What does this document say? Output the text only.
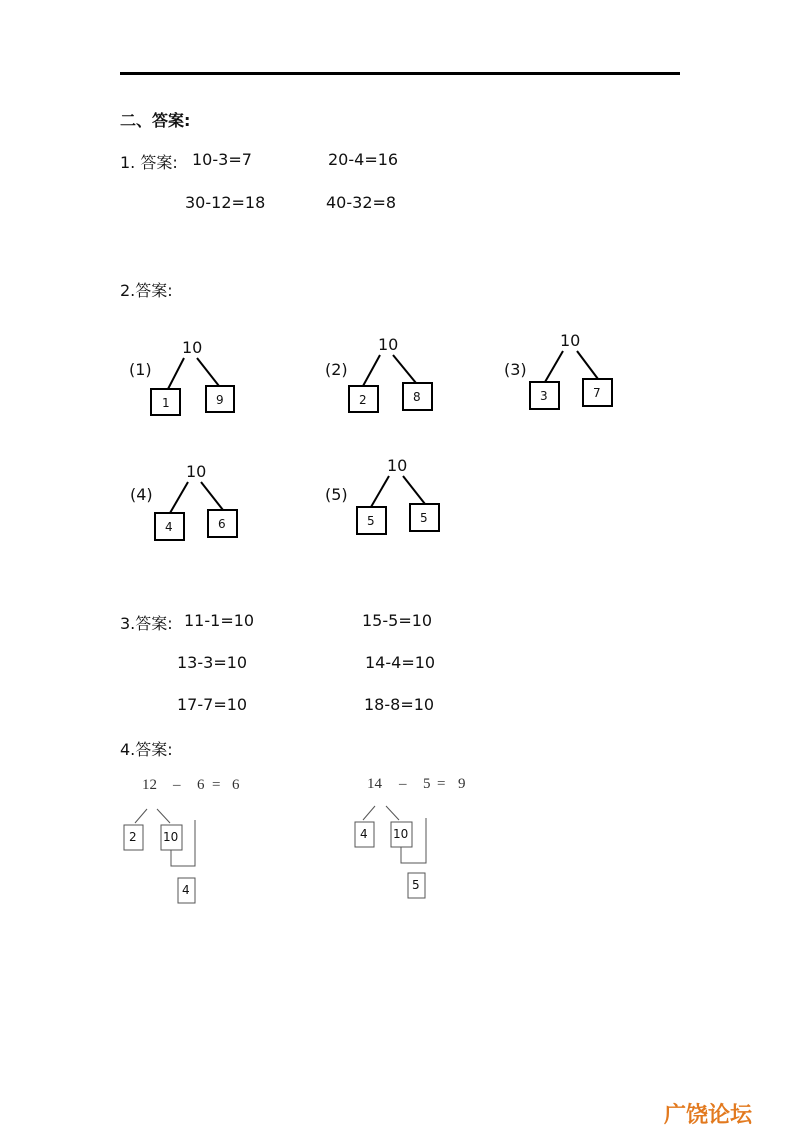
二、答案:
1. 答案: 10-3=7	20-4=16
30-12=18	40-32=8
2.答案:
(1)
10
1	9
(2)
10
2	8
(3)
10
3	7
(4)
10
4	6
(5)
10
5	5
3.答案: 11-1=10	15-5=10
13-3=10	14-4=10
17-7=10	18-8=10
4.答案:
12 – 6 = 6
2 10
4
14 – 5 = 9
4 10
5
广饶论坛
